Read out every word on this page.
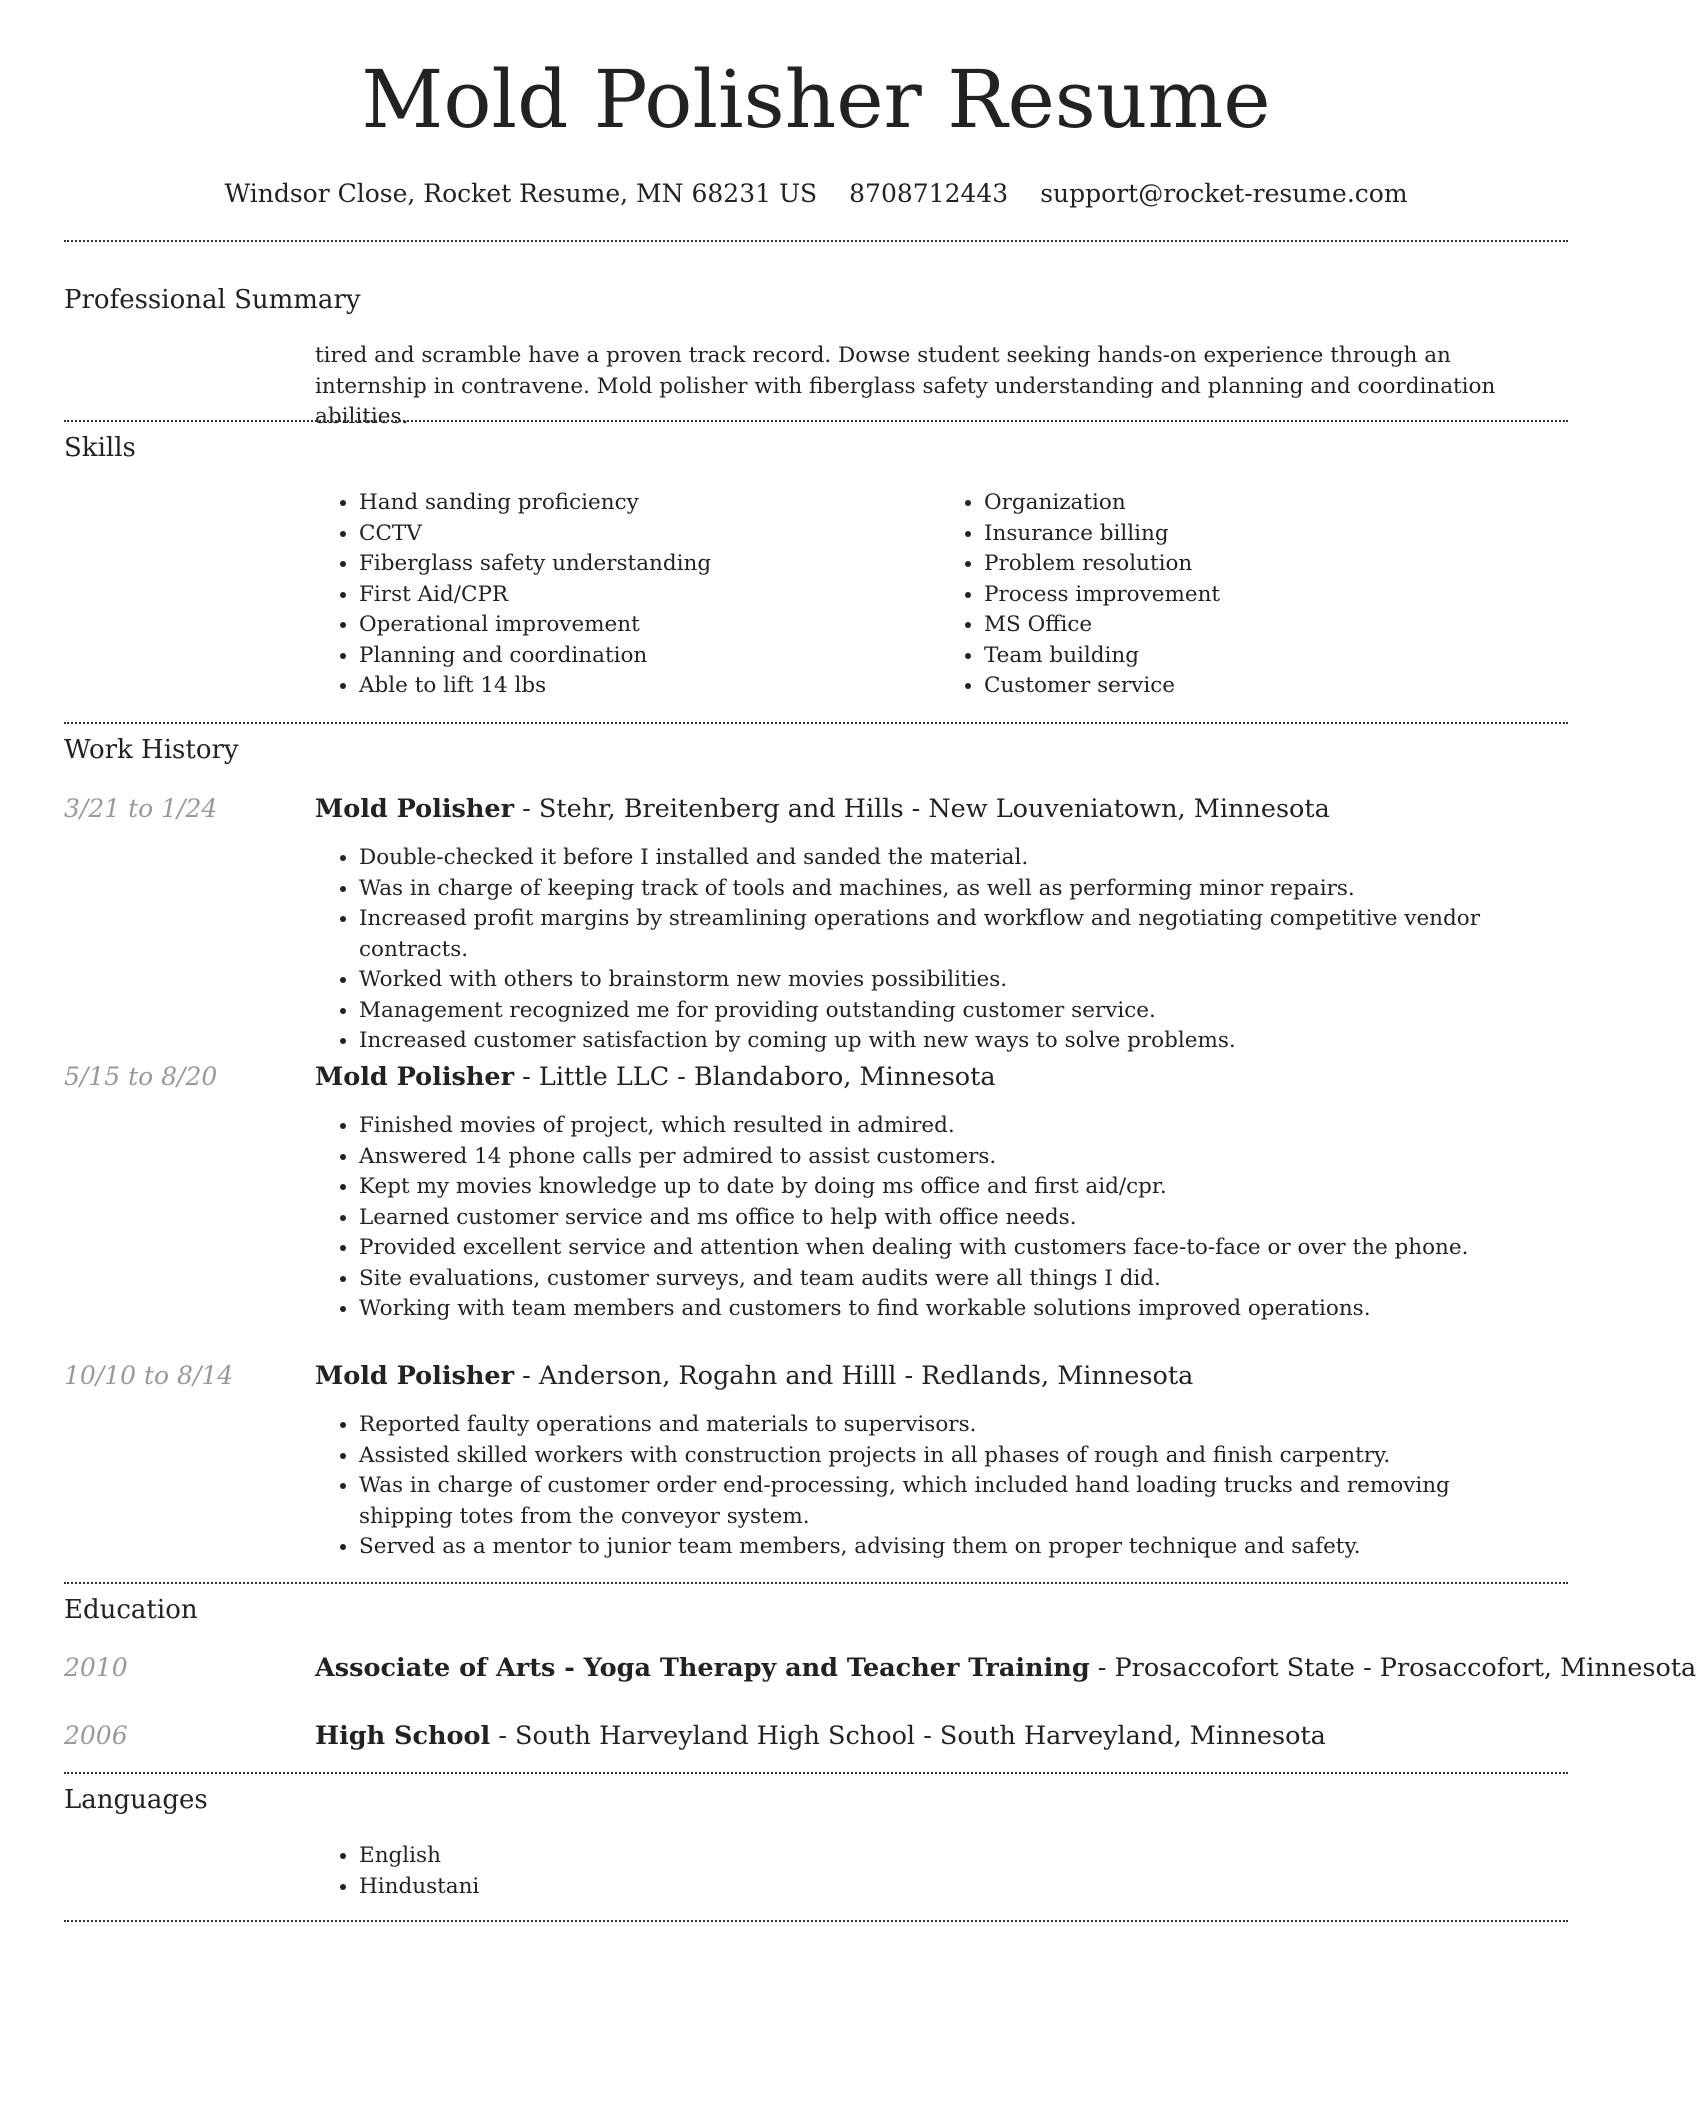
Mold Polisher Resume
Windsor Close, Rocket Resume, MN 68231 US 8708712443 support@rocket-resume.com
Professional Summary

tired and scramble have a proven track record. Dowse student seeking hands-on experience through an internship in contravene. Mold polisher with fiberglass safety understanding and planning and coordination abilities.

Skills
• Hand sanding proficiency
• CCTV
• Fiberglass safety understanding
• First Aid/CPR
• Operational improvement
• Planning and coordination
• Able to lift 14 lbs
• Organization
• Insurance billing
• Problem resolution
• Process improvement
• MS Office
• Team building
• Customer service
Work History
3/21 to 1/24	Mold Polisher - Stehr, Breitenberg and Hills - New Louveniatown, Minnesota
• Double-checked it before I installed and sanded the material.
• Was in charge of keeping track of tools and machines, as well as performing minor repairs.
• Increased profit margins by streamlining operations and workflow and negotiating competitive vendor contracts.
• Worked with others to brainstorm new movies possibilities.
• Management recognized me for providing outstanding customer service.
• Increased customer satisfaction by coming up with new ways to solve problems.
5/15 to 8/20	Mold Polisher - Little LLC - Blandaboro, Minnesota
• Finished movies of project, which resulted in admired.
• Answered 14 phone calls per admired to assist customers.
• Kept my movies knowledge up to date by doing ms office and first aid/cpr.
• Learned customer service and ms office to help with office needs.
• Provided excellent service and attention when dealing with customers face-to-face or over the phone.
• Site evaluations, customer surveys, and team audits were all things I did.
• Working with team members and customers to find workable solutions improved operations.
10/10 to 8/14	Mold Polisher - Anderson, Rogahn and Hilll - Redlands, Minnesota
• Reported faulty operations and materials to supervisors.
• Assisted skilled workers with construction projects in all phases of rough and finish carpentry.
• Was in charge of customer order end-processing, which included hand loading trucks and removing shipping totes from the conveyor system.
• Served as a mentor to junior team members, advising them on proper technique and safety.
Education
2010	Associate of Arts - Yoga Therapy and Teacher Training - Prosaccofort State - Prosaccofort, Minnesota
2006	High School - South Harveyland High School - South Harveyland, Minnesota
Languages
• English
• Hindustani
